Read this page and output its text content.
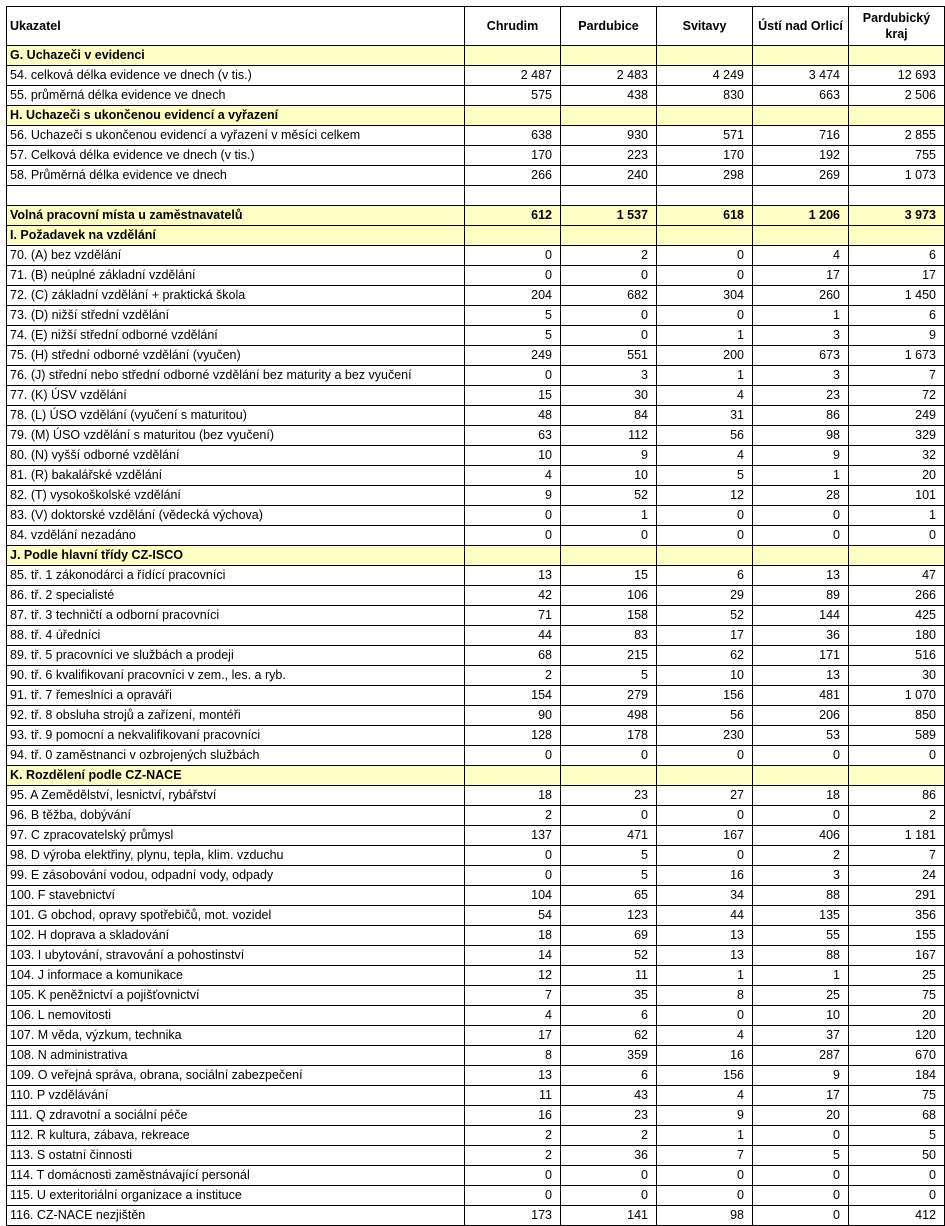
Ukazatel	Chrudim	Pardubice	Svitavy	Ústí nad Orlicí	Pardubický kraj
G. Uchazeči v evidenci					
54. celková délka evidence ve dnech (v tis.)	2 487	2 483	4 249	3 474	12 693
55. průměrná délka evidence ve dnech	575	438	830	663	2 506
H. Uchazeči s ukončenou evidencí a vyřazení					
56. Uchazeči s ukončenou evidencí a vyřazení v měsíci celkem	638	930	571	716	2 855
57. Celková délka evidence ve dnech (v tis.)	170	223	170	192	755
58. Průměrná délka evidence ve dnech	266	240	298	269	1 073

Volná pracovní místa u zaměstnavatelů	612	1 537	618	1 206	3 973
I. Požadavek na vzdělání					
70. (A) bez vzdělání	0	2	0	4	6
71. (B) neúplné základní vzdělání	0	0	0	17	17
72. (C) základní vzdělání + praktická škola	204	682	304	260	1 450
73. (D) nižší střední vzdělání	5	0	0	1	6
74. (E) nižší střední odborné vzdělání	5	0	1	3	9
75. (H) střední odborné vzdělání (vyučen)	249	551	200	673	1 673
76. (J) střední nebo střední odborné vzdělání bez maturity a bez vyučení	0	3	1	3	7
77. (K) ÚSV vzdělání	15	30	4	23	72
78. (L) ÚSO vzdělání (vyučení s maturitou)	48	84	31	86	249
79. (M) ÚSO vzdělání s maturitou (bez vyučení)	63	112	56	98	329
80. (N) vyšší odborné vzdělání	10	9	4	9	32
81. (R) bakalářské vzdělání	4	10	5	1	20
82. (T) vysokoškolské vzdělání	9	52	12	28	101
83. (V) doktorské vzdělání (vědecká výchova)	0	1	0	0	1
84. vzdělání nezadáno	0	0	0	0	0
J. Podle hlavní třídy CZ-ISCO					
85. tř. 1 zákonodárci a řídící pracovníci	13	15	6	13	47
86. tř. 2 specialisté	42	106	29	89	266
87. tř. 3 techničtí a odborní pracovníci	71	158	52	144	425
88. tř. 4 úředníci	44	83	17	36	180
89. tř. 5 pracovníci ve službách a prodeji	68	215	62	171	516
90. tř. 6 kvalifikovaní pracovníci v zem., les. a ryb.	2	5	10	13	30
91. tř. 7 řemeslníci a opraváři	154	279	156	481	1 070
92. tř. 8 obsluha strojů a zařízení, montéři	90	498	56	206	850
93. tř. 9 pomocní a nekvalifikovaní pracovníci	128	178	230	53	589
94. tř. 0 zaměstnanci v ozbrojených službách	0	0	0	0	0
K. Rozdělení podle CZ-NACE					
95. A Zemědělství, lesnictví, rybářství	18	23	27	18	86
96. B těžba, dobývání	2	0	0	0	2
97. C zpracovatelský průmysl	137	471	167	406	1 181
98. D výroba elektřiny, plynu, tepla, klim. vzduchu	0	5	0	2	7
99. E zásobování vodou, odpadní vody, odpady	0	5	16	3	24
100. F stavebnictví	104	65	34	88	291
101. G obchod, opravy spotřebičů, mot. vozidel	54	123	44	135	356
102. H doprava a skladování	18	69	13	55	155
103. I ubytování, stravování a pohostinství	14	52	13	88	167
104. J informace a komunikace	12	11	1	1	25
105. K peněžnictví a pojišťovnictví	7	35	8	25	75
106. L nemovitosti	4	6	0	10	20
107. M věda, výzkum, technika	17	62	4	37	120
108. N administrativa	8	359	16	287	670
109. O veřejná správa, obrana, sociální zabezpečení	13	6	156	9	184
110. P vzdělávání	11	43	4	17	75
111. Q zdravotní a sociální péče	16	23	9	20	68
112. R kultura, zábava, rekreace	2	2	1	0	5
113. S ostatní činnosti	2	36	7	5	50
114. T domácnosti zaměstnávající personál	0	0	0	0	0
115. U exteritoriální organizace a instituce	0	0	0	0	0
116. CZ-NACE nezjištěn	173	141	98	0	412
